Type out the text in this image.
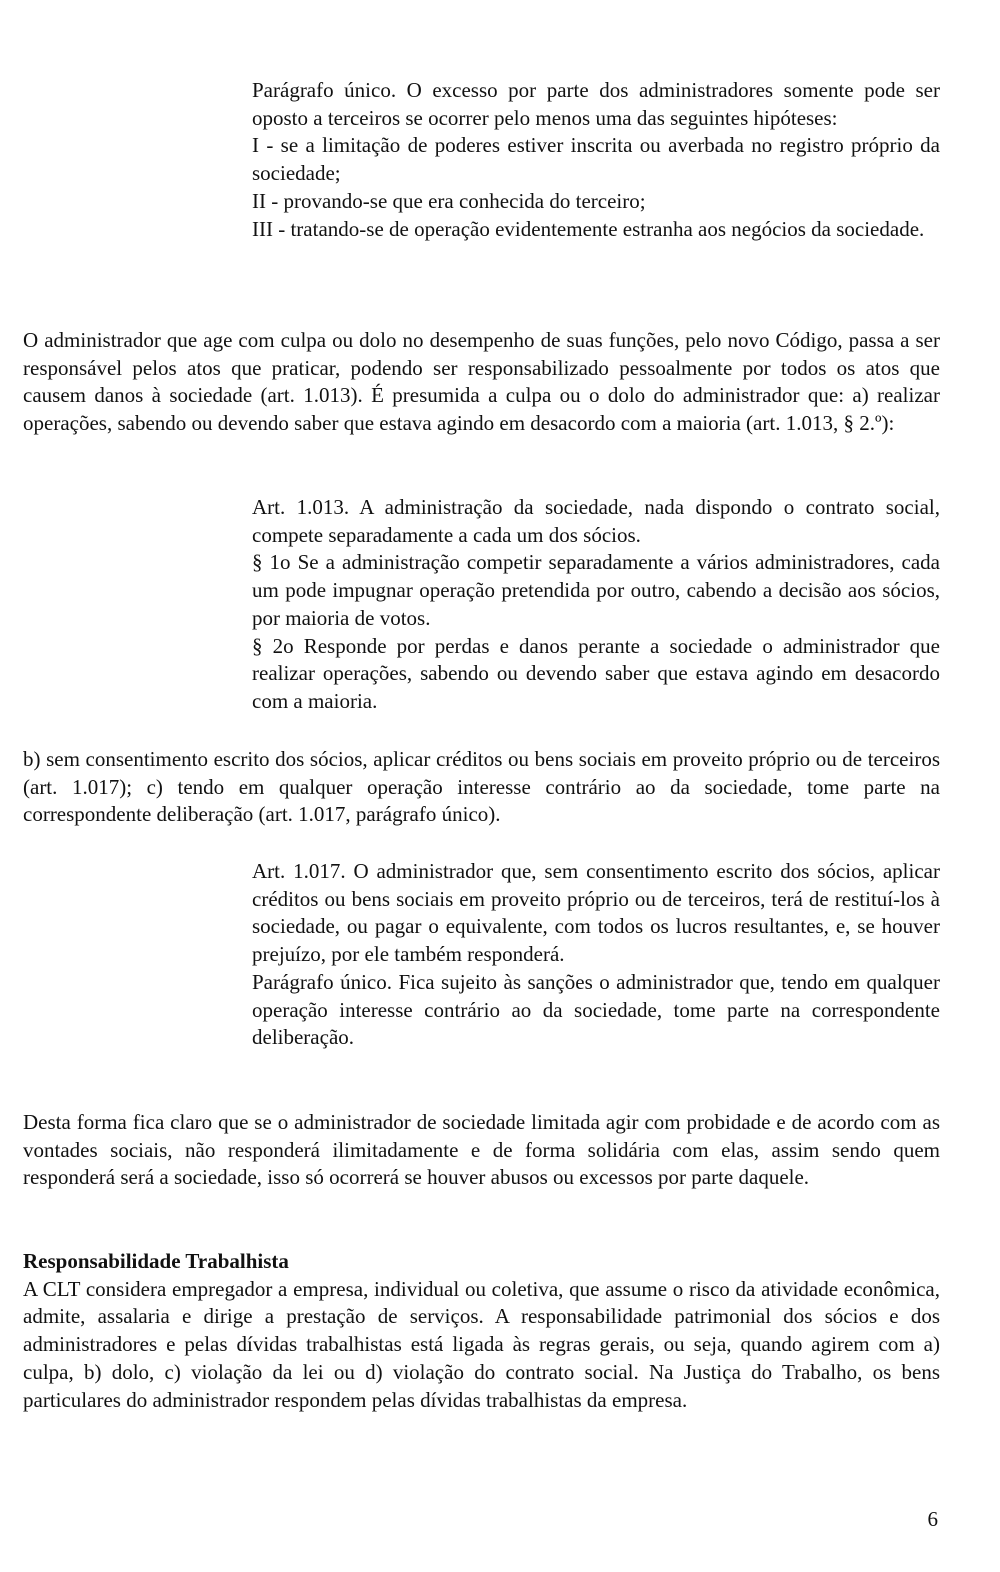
Parágrafo único. O excesso por parte dos administradores somente pode ser oposto a terceiros se ocorrer pelo menos uma das seguintes hipóteses:
I - se a limitação de poderes estiver inscrita ou averbada no registro próprio da sociedade;
II - provando-se que era conhecida do terceiro;
III - tratando-se de operação evidentemente estranha aos negócios da sociedade.

O administrador que age com culpa ou dolo no desempenho de suas funções, pelo novo Código, passa a ser responsável pelos atos que praticar, podendo ser responsabilizado pessoalmente por todos os atos que causem danos à sociedade (art. 1.013). É presumida a culpa ou o dolo do administrador que: a) realizar operações, sabendo ou devendo saber que estava agindo em desacordo com a maioria (art. 1.013, § 2.º):

Art. 1.013. A administração da sociedade, nada dispondo o contrato social, compete separadamente a cada um dos sócios.
§ 1o Se a administração competir separadamente a vários administradores, cada um pode impugnar operação pretendida por outro, cabendo a decisão aos sócios, por maioria de votos.
§ 2o Responde por perdas e danos perante a sociedade o administrador que realizar operações, sabendo ou devendo saber que estava agindo em desacordo com a maioria.

b) sem consentimento escrito dos sócios, aplicar créditos ou bens sociais em proveito próprio ou de terceiros (art. 1.017); c) tendo em qualquer operação interesse contrário ao da sociedade, tome parte na correspondente deliberação (art. 1.017, parágrafo único).

Art. 1.017. O administrador que, sem consentimento escrito dos sócios, aplicar créditos ou bens sociais em proveito próprio ou de terceiros, terá de restituí-los à sociedade, ou pagar o equivalente, com todos os lucros resultantes, e, se houver prejuízo, por ele também responderá.
Parágrafo único. Fica sujeito às sanções o administrador que, tendo em qualquer operação interesse contrário ao da sociedade, tome parte na correspondente deliberação.

Desta forma fica claro que se o administrador de sociedade limitada agir com probidade e de acordo com as vontades sociais, não responderá ilimitadamente e de forma solidária com elas, assim sendo quem responderá será a sociedade, isso só ocorrerá se houver abusos ou excessos por parte daquele.

Responsabilidade Trabalhista
A CLT considera empregador a empresa, individual ou coletiva, que assume o risco da atividade econômica, admite, assalaria e dirige a prestação de serviços. A responsabilidade patrimonial dos sócios e dos administradores e pelas dívidas trabalhistas está ligada às regras gerais, ou seja, quando agirem com a) culpa, b) dolo, c) violação da lei ou d) violação do contrato social. Na Justiça do Trabalho, os bens particulares do administrador respondem pelas dívidas trabalhistas da empresa.
6
